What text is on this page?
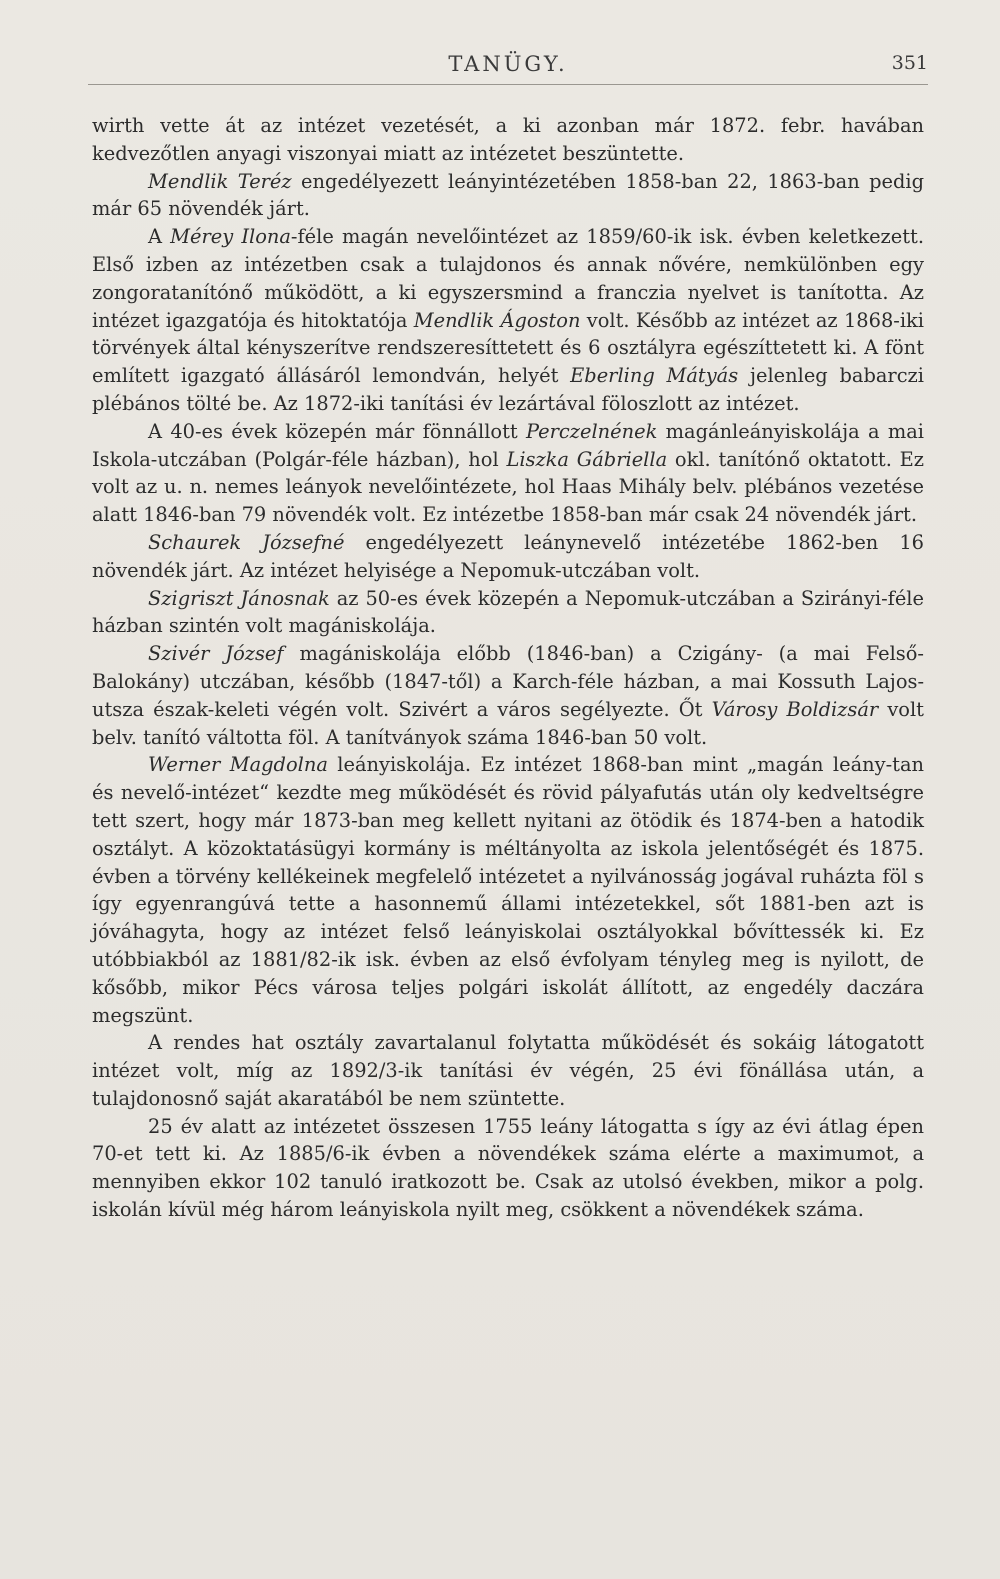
TANÜGY.	351

wirth vette át az intézet vezetését, a ki azonban már 1872. febr. havában kedvezőtlen anyagi viszonyai miatt az intézetet beszüntette.

Mendlik Teréz engedélyezett leányintézetében 1858-ban 22, 1863-ban pedig már 65 növendék járt.

A Mérey Ilona-féle magán nevelőintézet az 1859/60-ik isk. évben keletkezett. Első izben az intézetben csak a tulajdonos és annak nővére, nemkülönben egy zongoratanítónő működött, a ki egyszersmind a franczia nyelvet is tanította. Az intézet igazgatója és hitoktatója Mendlik Ágoston volt. Később az intézet az 1868-iki törvények által kényszerítve rendszeresíttetett és 6 osztályra egészíttetett ki. A fönt említett igazgató állásáról lemondván, helyét Eberling Mátyás jelenleg babarczi plébános tölté be. Az 1872-iki tanítási év lezártával föloszlott az intézet.

A 40-es évek közepén már fönnállott Perczelnének magánleányiskolája a mai Iskola-utczában (Polgár-féle házban), hol Liszka Gábriella okl. tanítónő oktatott. Ez volt az u. n. nemes leányok nevelőintézete, hol Haas Mihály belv. plébános vezetése alatt 1846-ban 79 növendék volt. Ez intézetbe 1858-ban már csak 24 növendék járt.

Schaurek Józsefné engedélyezett leánynevelő intézetébe 1862-ben 16 növendék járt. Az intézet helyisége a Nepomuk-utczában volt.

Szigriszt Jánosnak az 50-es évek közepén a Nepomuk-utczában a Szirányi-féle házban szintén volt magániskolája.

Szivér József magániskolája előbb (1846-ban) a Czigány- (a mai Felső-Balokány) utczában, később (1847-től) a Karch-féle házban, a mai Kossuth Lajos-utsza észak-keleti végén volt. Szivért a város segélyezte. Őt Városy Boldizsár volt belv. tanító váltotta föl. A tanítványok száma 1846-ban 50 volt.

Werner Magdolna leányiskolája. Ez intézet 1868-ban mint „magán leány-tan és nevelő-intézet“ kezdte meg működését és rövid pályafutás után oly kedveltségre tett szert, hogy már 1873-ban meg kellett nyitani az ötödik és 1874-ben a hatodik osztályt. A közoktatásügyi kormány is méltányolta az iskola jelentőségét és 1875. évben a törvény kellékeinek megfelelő intézetet a nyilvánosság jogával ruházta föl s így egyenrangúvá tette a hasonnemű állami intézetekkel, sőt 1881-ben azt is jóváhagyta, hogy az intézet felső leányiskolai osztályokkal bővíttessék ki. Ez utóbbiakból az 1881/82-ik isk. évben az első évfolyam tényleg meg is nyilott, de kősőbb, mikor Pécs városa teljes polgári iskolát állított, az engedély daczára megszünt.

A rendes hat osztály zavartalanul folytatta működését és sokáig látogatott intézet volt, míg az 1892/3-ik tanítási év végén, 25 évi fönállása után, a tulajdonosnő saját akaratából be nem szüntette.

25 év alatt az intézetet összesen 1755 leány látogatta s így az évi átlag épen 70-et tett ki. Az 1885/6-ik évben a növendékek száma elérte a maximumot, a mennyiben ekkor 102 tanuló iratkozott be. Csak az utolsó években, mikor a polg. iskolán kívül még három leányiskola nyilt meg, csökkent a növendékek száma.
